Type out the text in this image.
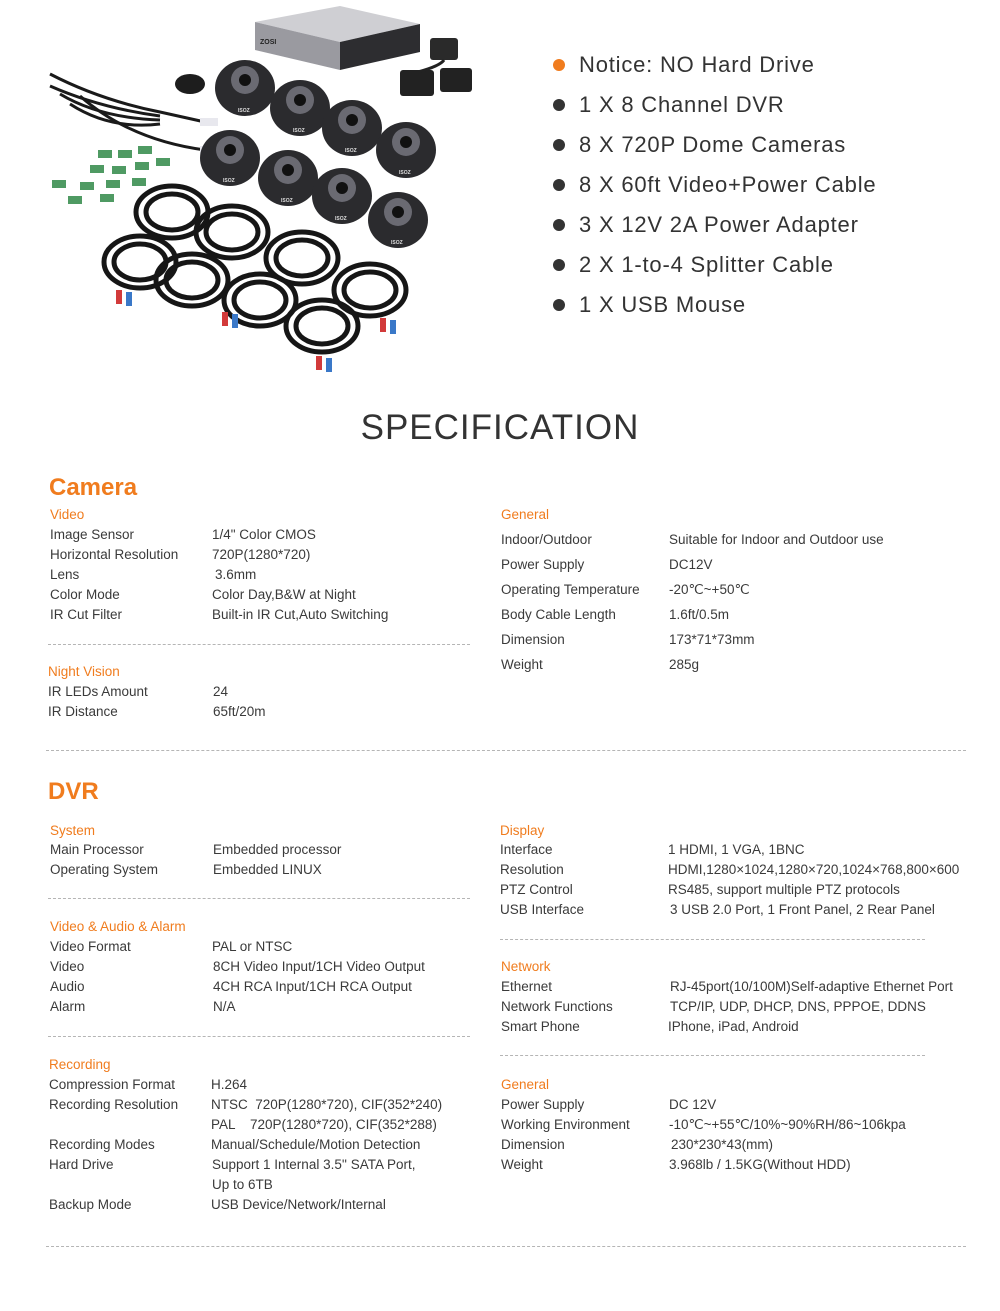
ZOSI
ISOZ
ISOZ
ISOZ
ISOZ
ISOZ
ISOZ
ISOZ
ISOZ
Notice: NO Hard Drive
1 X 8 Channel DVR
8 X 720P Dome Cameras
8 X 60ft Video+Power Cable
3 X 12V 2A Power Adapter
2 X 1-to-4 Splitter Cable
1 X USB Mouse
SPECIFICATION
Camera
Video
Image Sensor	1/4" Color CMOS
Horizontal Resolution 720P(1280*720)
Lens	3.6mm
Color Mode	Color Day,B&W at Night
IR Cut Filter	Built-in IR Cut,Auto Switching
Night Vision
IR LEDs Amount	24
IR Distance	65ft/20m
General
Indoor/Outdoor	Suitable for Indoor and Outdoor use
Power Supply	DC12V
Operating Temperature -20℃~+50℃
Body Cable Length	1.6ft/0.5m
Dimension	173*71*73mm
Weight	285g
DVR
System
Main Processor	Embedded processor
Operating System	Embedded LINUX
Video & Audio & Alarm
Video Format	PAL or NTSC
Video	8CH Video Input/1CH Video Output
Audio	4CH RCA Input/1CH RCA Output
Alarm	N/A
Recording
Compression Format	H.264
Recording Resolution NTSC  720P(1280*720), CIF(352*240)
PAL    720P(1280*720), CIF(352*288)
Recording Modes	Manual/Schedule/Motion Detection
Hard Drive	Support 1 Internal 3.5'' SATA Port,
Up to 6TB
Backup Mode	USB Device/Network/Internal
Display
Interface	1 HDMI, 1 VGA, 1BNC
Resolution	HDMI,1280×1024,1280×720,1024×768,800×600
PTZ Control	RS485, support multiple PTZ protocols
USB Interface	3 USB 2.0 Port, 1 Front Panel, 2 Rear Panel
Network
Ethernet	RJ-45port(10/100M)Self-adaptive Ethernet Port
Network Functions	TCP/IP, UDP, DHCP, DNS, PPPOE, DDNS
Smart Phone	IPhone, iPad, Android
General
Power Supply	DC 12V
Working Environment	-10℃~+55℃/10%~90%RH/86~106kpa
Dimension	230*230*43(mm)
Weight	3.968lb / 1.5KG(Without HDD)
